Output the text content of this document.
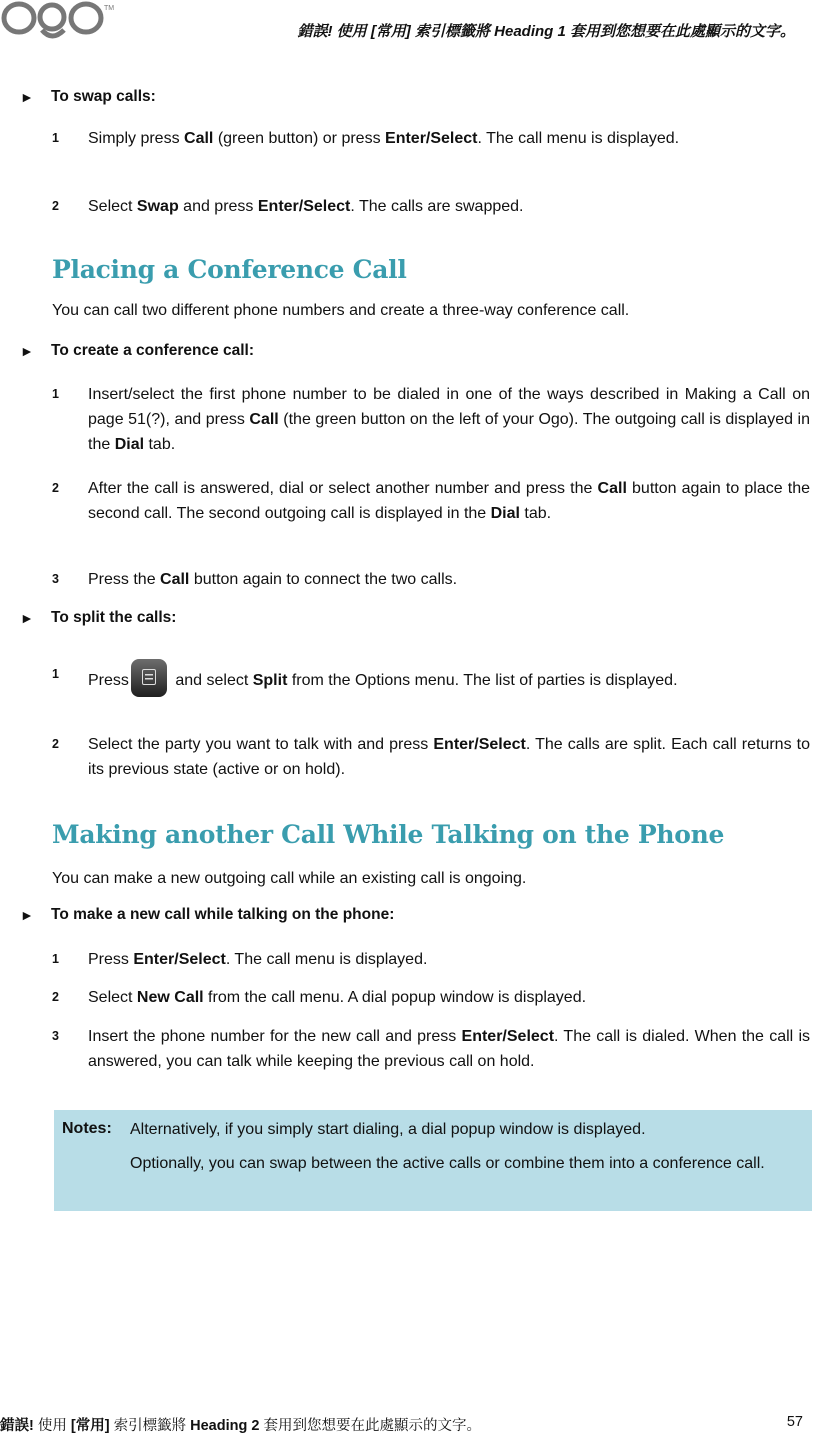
TM
錯誤! 使用 [常用] 索引標籤將 Heading 1 套用到您想要在此處顯示的文字。
►	To swap calls:
1	Simply press Call (green button) or press Enter/Select. The call menu is displayed.
2	Select Swap and press Enter/Select. The calls are swapped.
Placing a Conference Call
You can call two different phone numbers and create a three-way conference call.
►	To create a conference call:
1	Insert/select the first phone number to be dialed in one of the ways described in Making a Call on page 51(?), and press Call (the green button on the left of your Ogo). The outgoing call is displayed in the Dial tab.
2	After the call is answered, dial or select another number and press the Call button again to place the second call. The second outgoing call is displayed in the Dial tab.
3	Press the Call button again to connect the two calls.
►	To split the calls:
1	Press	and select Split from the Options menu. The list of parties is displayed.
2	Select the party you want to talk with and press Enter/Select. The calls are split. Each call returns to its previous state (active or on hold).
Making another Call While Talking on the Phone
You can make a new outgoing call while an existing call is ongoing.
►	To make a new call while talking on the phone:
1	Press Enter/Select. The call menu is displayed.
2	Select New Call from the call menu. A dial popup window is displayed.
3	Insert the phone number for the new call and press Enter/Select. The call is dialed. When the call is answered, you can talk while keeping the previous call on hold.
Notes: Alternatively, if you simply start dialing, a dial popup window is displayed.
Optionally, you can swap between the active calls or combine them into a conference call.
錯誤! 使用 [常用] 索引標籤將 Heading 2 套用到您想要在此處顯示的文字。	57
